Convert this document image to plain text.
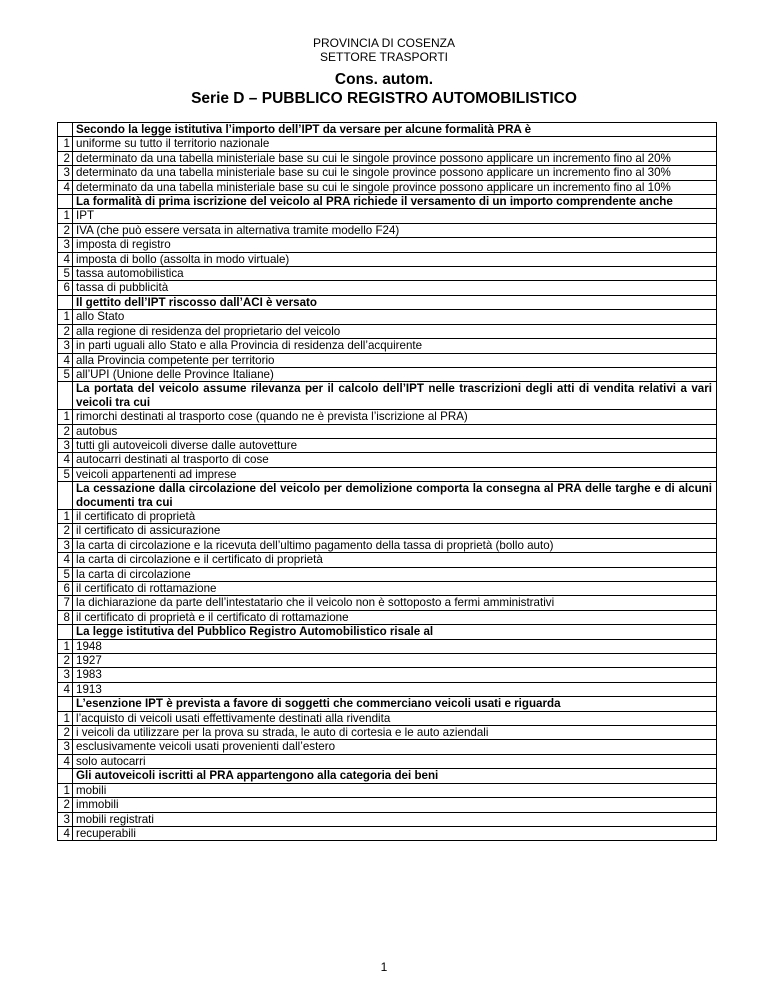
PROVINCIA DI COSENZA
SETTORE TRASPORTI
Cons. autom.
Serie D – PUBBLICO REGISTRO AUTOMOBILISTICO
	Secondo la legge istitutiva l’importo dell’IPT da versare per alcune formalità PRA è
1	uniforme su tutto il territorio nazionale
2	determinato da una tabella ministeriale base su cui le singole province possono applicare un incremento fino al 20%
3	determinato da una tabella ministeriale base su cui le singole province possono applicare un incremento fino al 30%
4	determinato da una tabella ministeriale base su cui le singole province possono applicare un incremento fino al 10%
	La formalità di prima iscrizione del veicolo al PRA richiede il versamento di un importo comprendente anche
1	IPT
2	IVA (che può essere versata in alternativa tramite modello F24)
3	imposta di registro
4	imposta di bollo (assolta in modo virtuale)
5	tassa automobilistica
6	tassa di pubblicità
	Il gettito dell’IPT riscosso dall’ACI è versato
1	allo Stato
2	alla regione di residenza del proprietario del veicolo
3	in parti uguali allo Stato e alla Provincia di residenza dell’acquirente
4	alla Provincia competente per territorio
5	all’UPI (Unione delle Province Italiane)
	La portata del veicolo assume rilevanza per il calcolo dell’IPT nelle trascrizioni degli atti di vendita relativi a vari veicoli tra cui
1	rimorchi destinati al trasporto cose (quando ne è prevista l’iscrizione al PRA)
2	autobus
3	tutti gli autoveicoli diverse dalle autovetture
4	autocarri destinati al trasporto di cose
5	veicoli appartenenti ad imprese
	La cessazione dalla circolazione del veicolo per demolizione comporta la consegna al PRA delle targhe e di alcuni documenti tra cui
1	il certificato di proprietà
2	il certificato di assicurazione
3	la carta di circolazione e la ricevuta dell’ultimo pagamento della tassa di proprietà (bollo auto)
4	la carta di circolazione e il certificato di proprietà
5	la carta di circolazione
6	il certificato di rottamazione
7	la dichiarazione da parte dell’intestatario che il veicolo non è sottoposto a fermi amministrativi
8	il certificato di proprietà e il certificato di rottamazione
	La legge istitutiva del Pubblico Registro Automobilistico risale al
1	1948
2	1927
3	1983
4	1913
	L’esenzione IPT è prevista a favore di soggetti che commerciano veicoli usati e riguarda
1	l’acquisto di veicoli usati effettivamente destinati alla rivendita
2	i veicoli da utilizzare per la prova su strada, le auto di cortesia e le auto aziendali
3	esclusivamente veicoli usati provenienti dall’estero
4	solo autocarri
	Gli autoveicoli iscritti al PRA appartengono alla categoria dei beni
1	mobili
2	immobili
3	mobili registrati
4	recuperabili
1
